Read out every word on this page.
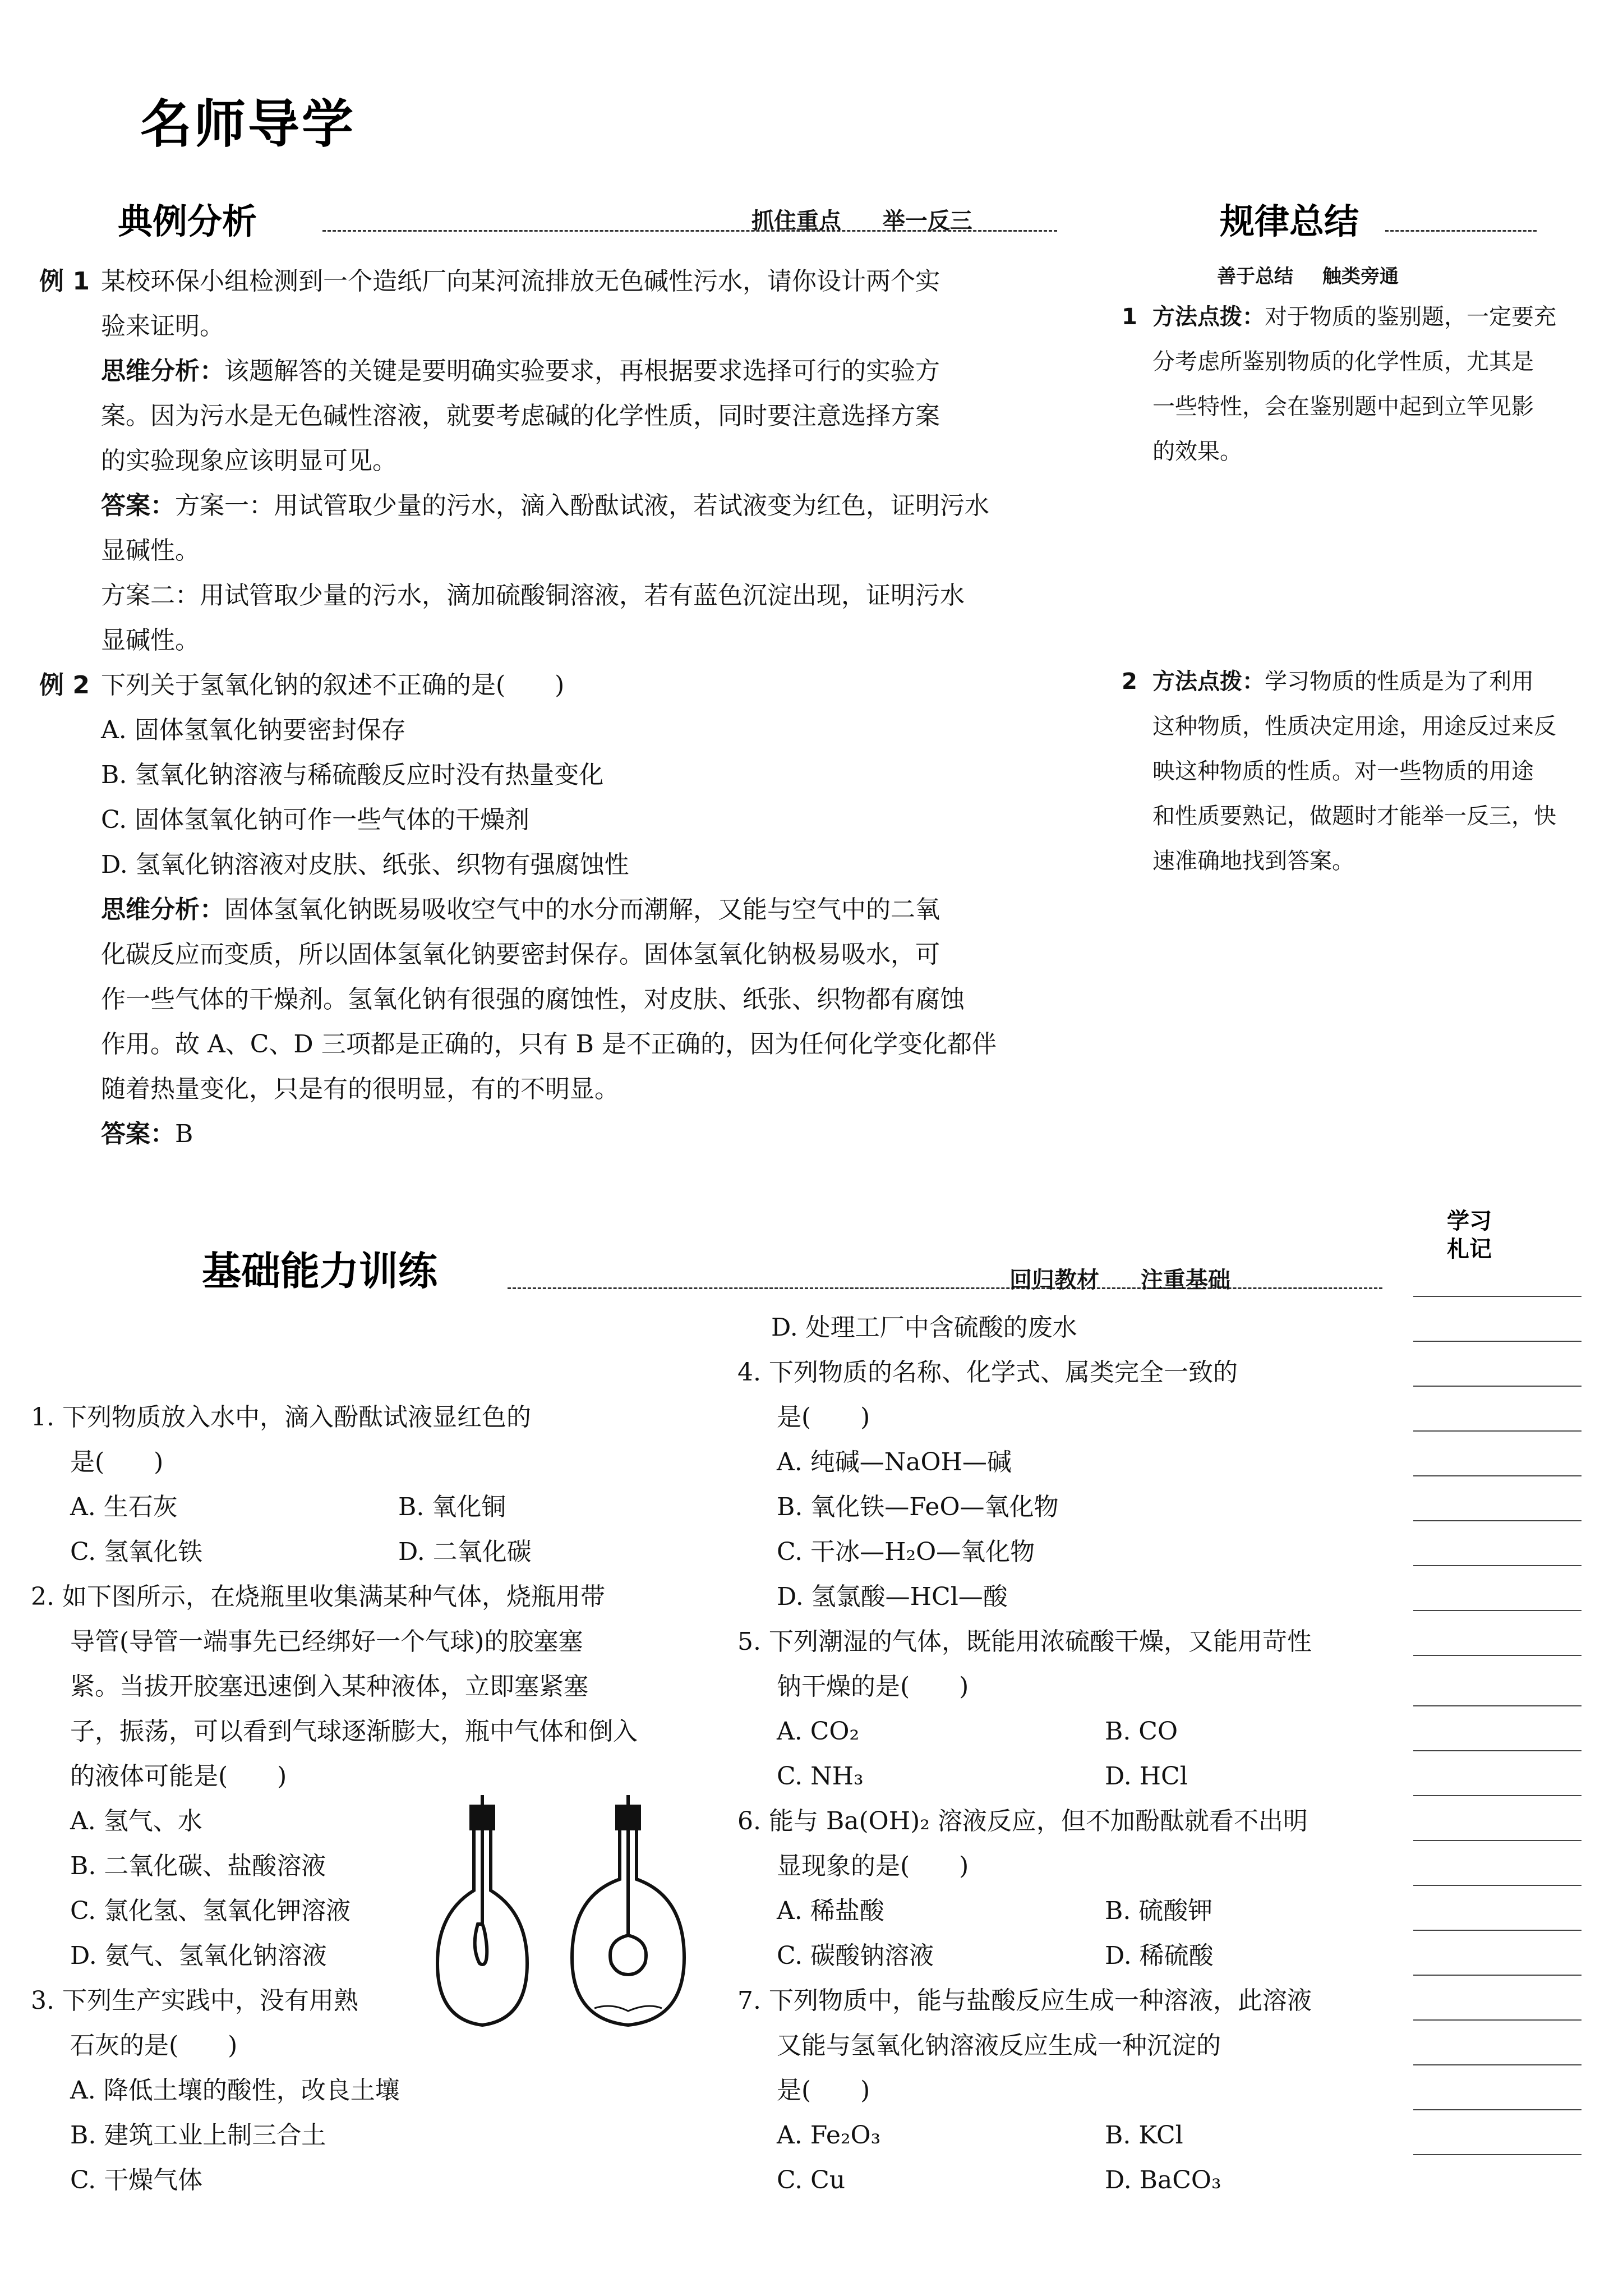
名师导学
典例分析	抓住重点 举一反三	规律总结
善于总结 触类旁通
例 1 某校环保小组检测到一个造纸厂向某河流排放无色碱性污水，请你设计两个实
验来证明。
思维分析：该题解答的关键是要明确实验要求，再根据要求选择可行的实验方
案。因为污水是无色碱性溶液，就要考虑碱的化学性质，同时要注意选择方案
的实验现象应该明显可见。
答案：方案一：用试管取少量的污水，滴入酚酞试液，若试液变为红色，证明污水
显碱性。
方案二：用试管取少量的污水，滴加硫酸铜溶液，若有蓝色沉淀出现，证明污水
显碱性。
例 2 下列关于氢氧化钠的叙述不正确的是(　　)
A. 固体氢氧化钠要密封保存
B. 氢氧化钠溶液与稀硫酸反应时没有热量变化
C. 固体氢氧化钠可作一些气体的干燥剂
D. 氢氧化钠溶液对皮肤、纸张、织物有强腐蚀性
思维分析：固体氢氧化钠既易吸收空气中的水分而潮解，又能与空气中的二氧
化碳反应而变质，所以固体氢氧化钠要密封保存。固体氢氧化钠极易吸水，可
作一些气体的干燥剂。氢氧化钠有很强的腐蚀性，对皮肤、纸张、织物都有腐蚀
作用。故 A、C、D 三项都是正确的，只有 B 是不正确的，因为任何化学变化都伴
随着热量变化，只是有的很明显，有的不明显。
答案：B
1 方法点拨：对于物质的鉴别题，一定要充
分考虑所鉴别物质的化学性质，尤其是
一些特性，会在鉴别题中起到立竿见影
的效果。
2 方法点拨：学习物质的性质是为了利用
这种物质，性质决定用途，用途反过来反
映这种物质的性质。对一些物质的用途
和性质要熟记，做题时才能举一反三，快
速准确地找到答案。
基础能力训练	回归教材 注重基础
学习
札记
1. 下列物质放入水中，滴入酚酞试液显红色的
是(　　)
A. 生石灰	B. 氧化铜
C. 氢氧化铁	D. 二氧化碳
2. 如下图所示，在烧瓶里收集满某种气体，烧瓶用带
导管(导管一端事先已经绑好一个气球)的胶塞塞
紧。当拔开胶塞迅速倒入某种液体，立即塞紧塞
子，振荡，可以看到气球逐渐膨大，瓶中气体和倒入
的液体可能是(　　)
A. 氢气、水
B. 二氧化碳、盐酸溶液
C. 氯化氢、氢氧化钾溶液
D. 氨气、氢氧化钠溶液
3. 下列生产实践中，没有用熟
石灰的是(　　)
A. 降低土壤的酸性，改良土壤
B. 建筑工业上制三合土
C. 干燥气体
D. 处理工厂中含硫酸的废水
4. 下列物质的名称、化学式、属类完全一致的
是(　　)
A. 纯碱—NaOH—碱
B. 氧化铁—FeO—氧化物
C. 干冰—H₂O—氧化物
D. 氢氯酸—HCl—酸
5. 下列潮湿的气体，既能用浓硫酸干燥，又能用苛性
钠干燥的是(　　)
A. CO₂	B. CO
C. NH₃	D. HCl
6. 能与 Ba(OH)₂ 溶液反应，但不加酚酞就看不出明
显现象的是(　　)
A. 稀盐酸	B. 硫酸钾
C. 碳酸钠溶液	D. 稀硫酸
7. 下列物质中，能与盐酸反应生成一种溶液，此溶液
又能与氢氧化钠溶液反应生成一种沉淀的
是(　　)
A. Fe₂O₃	B. KCl
C. Cu	D. BaCO₃
